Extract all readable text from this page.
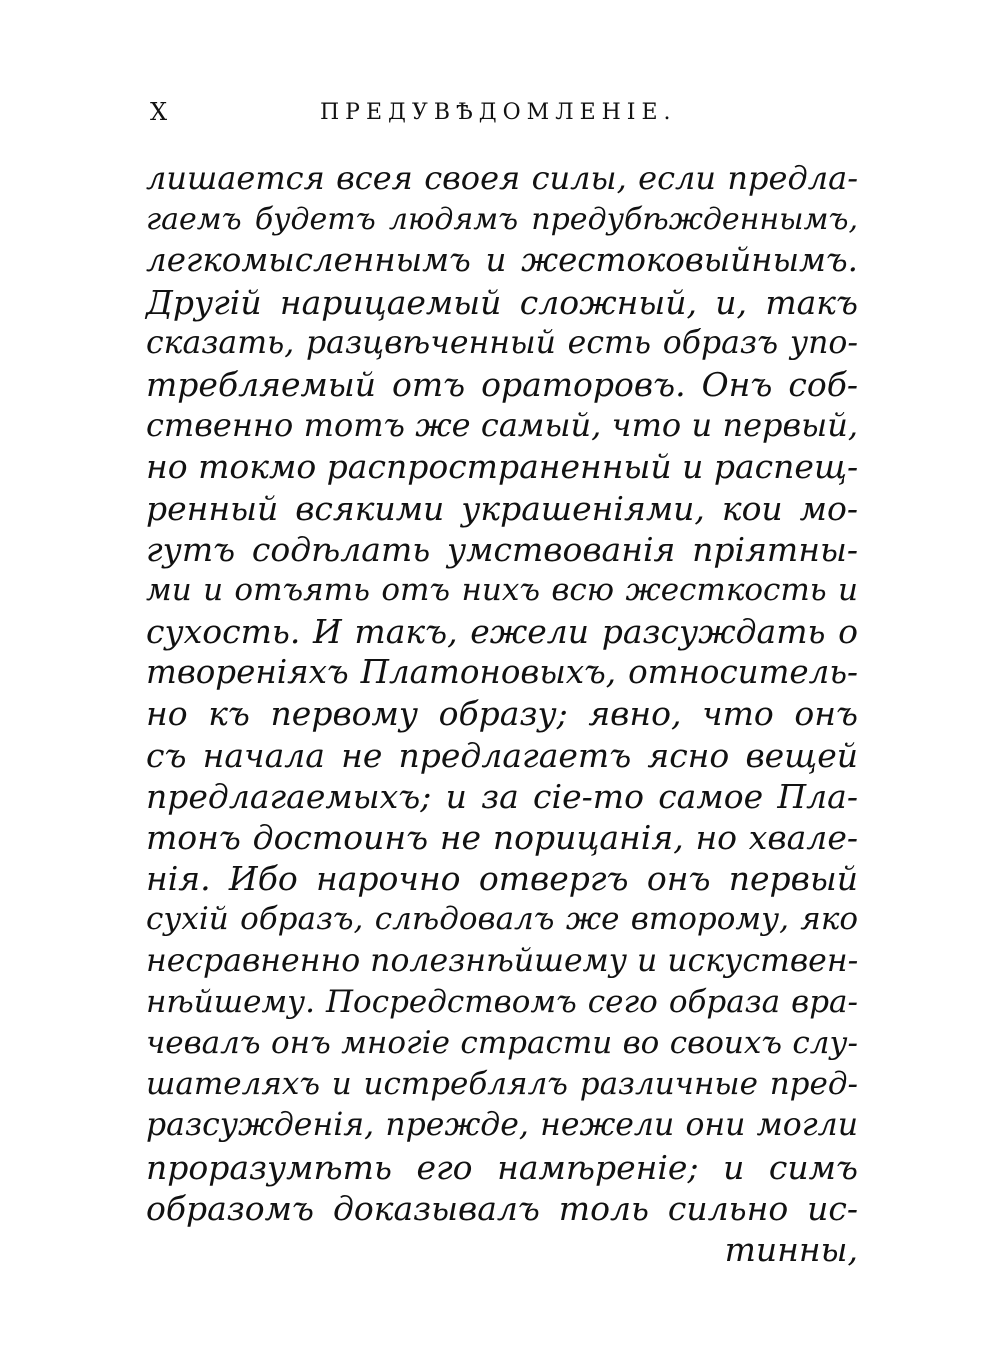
X	ПРЕДУВѢДОМЛЕНІЕ.
лишается всея своея силы, если предла-
гаемъ будетъ людямъ предубѣжденнымъ,
легкомысленнымъ и жестоковыйнымъ.
Другій нарицаемый сложный, и, такъ
сказать, разцвѣченный есть образъ упо-
требляемый отъ ораторовъ. Онъ соб-
ственно тотъ же самый, что и первый,
но токмо распространенный и распещ-
ренный всякими украшеніями, кои мо-
гутъ содѣлать умствованія пріятны-
ми и отъять отъ нихъ всю жесткость и
сухость. И такъ, ежели разсуждать о
твореніяхъ Платоновыхъ, относитель-
но къ первому образу; явно, что онъ
съ начала не предлагаетъ ясно вещей
предлагаемыхъ; и за сіе-то самое Пла-
тонъ достоинъ не порицанія, но хвале-
нія. Ибо нарочно отвергъ онъ первый
сухій образъ, слѣдовалъ же второму, яко
несравненно полезнѣйшему и искуствен-
нѣйшему. Посредствомъ сего образа вра-
чевалъ онъ многіе страсти во своихъ слу-
шателяхъ и истреблялъ различные пред-
разсужденія, прежде, нежели они могли
проразумѣть его намѣреніе; и симъ
образомъ доказывалъ толь сильно ис-
тинны,
